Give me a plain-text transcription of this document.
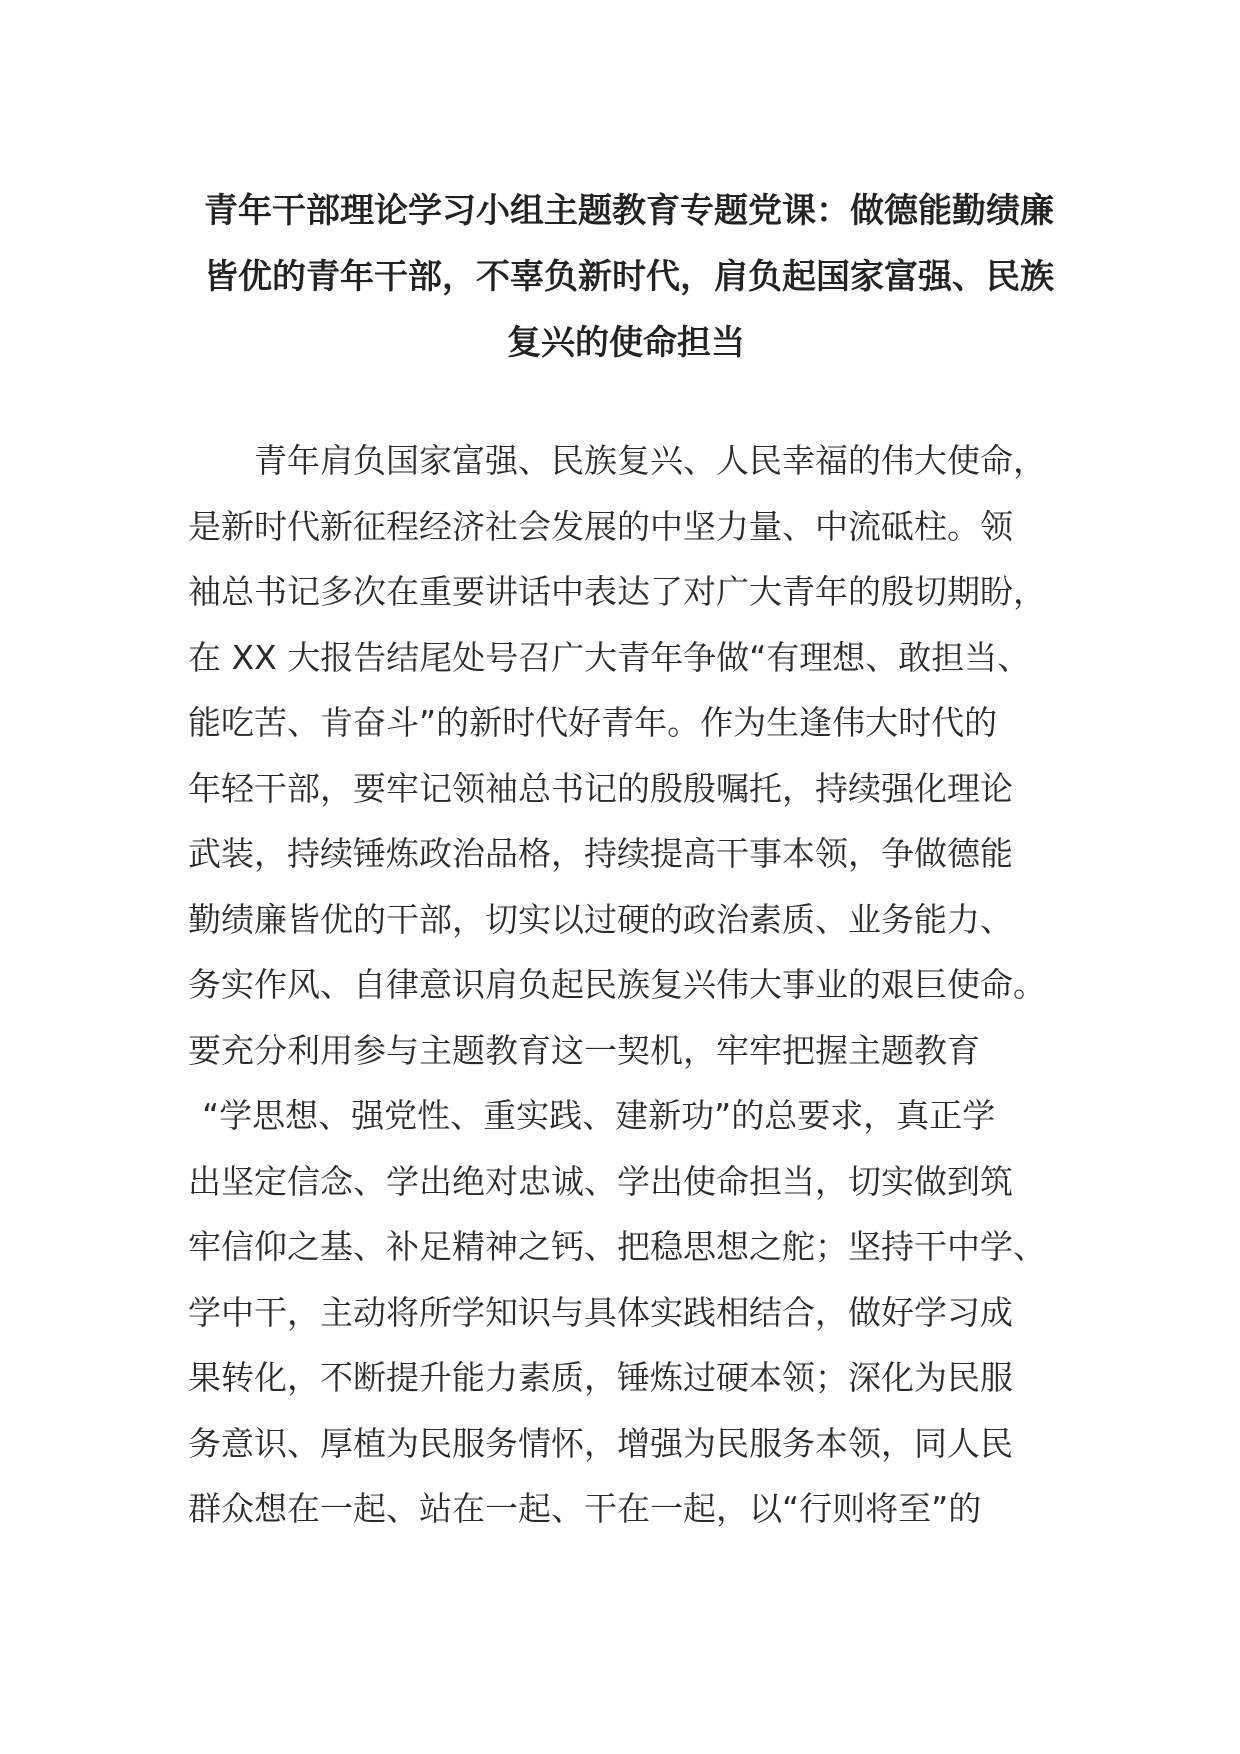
青年干部理论学习小组主题教育专题党课：做德能勤绩廉
皆优的青年干部，不辜负新时代，肩负起国家富强、民族
复兴的使命担当
青年肩负国家富强、民族复兴、人民幸福的伟大使命，
是新时代新征程经济社会发展的中坚力量、中流砥柱。领
袖总书记多次在重要讲话中表达了对广大青年的殷切期盼，
在 XX 大报告结尾处号召广大青年争做“有理想、敢担当、
能吃苦、肯奋斗”的新时代好青年。作为生逢伟大时代的
年轻干部，要牢记领袖总书记的殷殷嘱托，持续强化理论
武装，持续锤炼政治品格，持续提高干事本领，争做德能
勤绩廉皆优的干部，切实以过硬的政治素质、业务能力、
务实作风、自律意识肩负起民族复兴伟大事业的艰巨使命。
要充分利用参与主题教育这一契机，牢牢把握主题教育
“学思想、强党性、重实践、建新功”的总要求，真正学
出坚定信念、学出绝对忠诚、学出使命担当，切实做到筑
牢信仰之基、补足精神之钙、把稳思想之舵；坚持干中学、
学中干，主动将所学知识与具体实践相结合，做好学习成
果转化，不断提升能力素质，锤炼过硬本领；深化为民服
务意识、厚植为民服务情怀，增强为民服务本领，同人民
群众想在一起、站在一起、干在一起，以“行则将至”的
